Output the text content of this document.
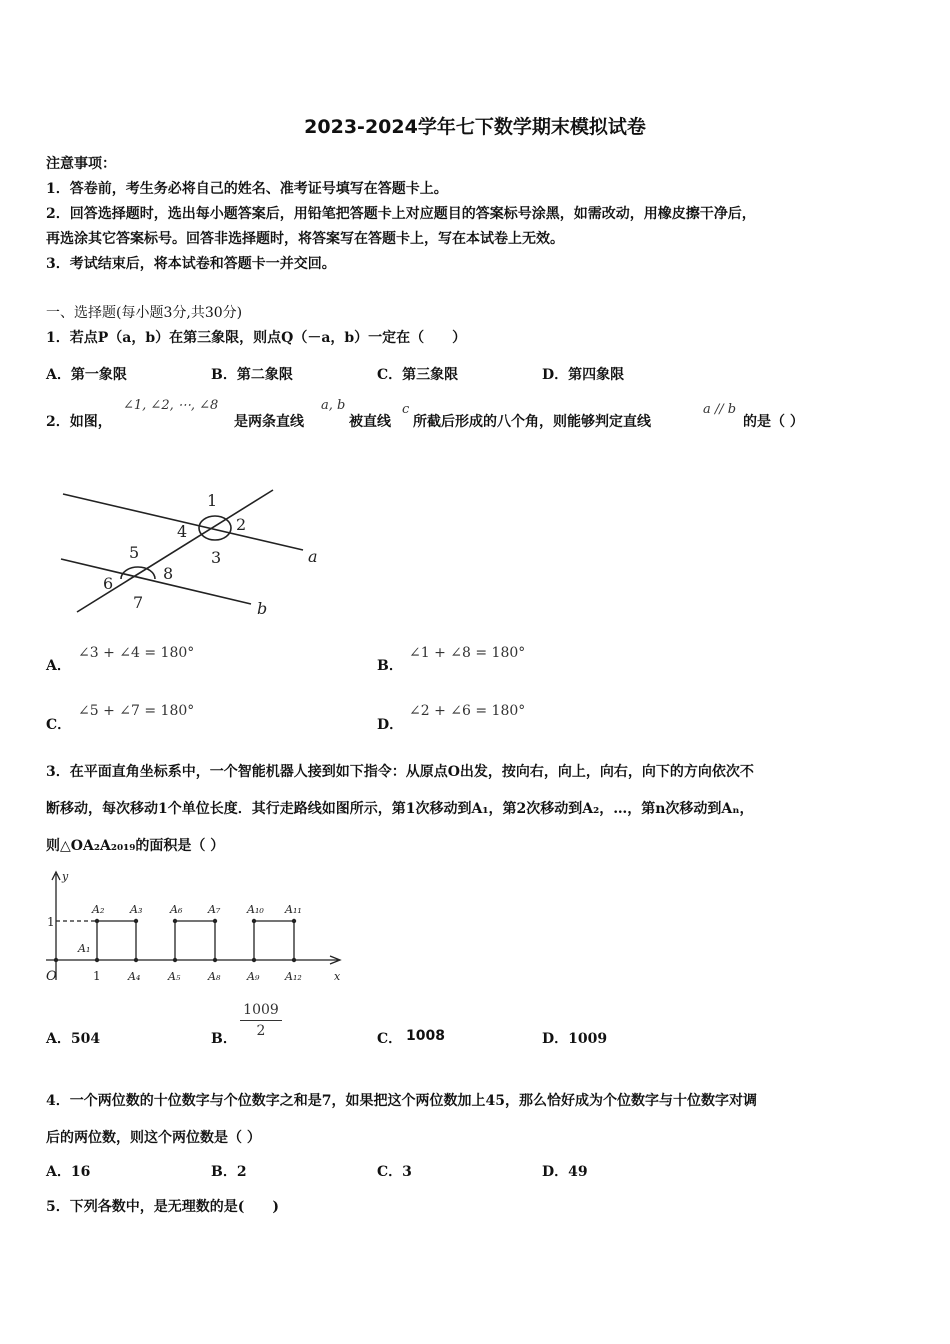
2023-2024学年七下数学期末模拟试卷
注意事项：
1．答卷前，考生务必将自己的姓名、准考证号填写在答题卡上。
2．回答选择题时，选出每小题答案后，用铅笔把答题卡上对应题目的答案标号涂黑，如需改动，用橡皮擦干净后，
再选涂其它答案标号。回答非选择题时，将答案写在答题卡上，写在本试卷上无效。
3．考试结束后，将本试卷和答题卡一并交回。
一、选择题(每小题3分,共30分)
1．若点P（a，b）在第三象限，则点Q（－a，b）一定在（　　）
A．第一象限	B．第二象限	C．第三象限	D．第四象限
2．如图，
∠1, ∠2, ⋯, ∠8
是两条直线
a, b
被直线
c
所截后形成的八个角，则能够判定直线
a // b
的是（ ）
1
2
3
4
5
6
7
8
a
b
A．
∠3 + ∠4 = 180°
B．
∠1 + ∠8 = 180°
C．
∠5 + ∠7 = 180°
D．
∠2 + ∠6 = 180°
3．在平面直角坐标系中，一个智能机器人接到如下指令：从原点O出发，按向右，向上，向右，向下的方向依次不
断移动，每次移动1个单位长度．其行走路线如图所示，第1次移动到A₁，第2次移动到A₂，…，第n次移动到Aₙ，
则△OA₂A₂₀₁₉的面积是（ ）
y
x
O
A₁
A₂ A₃
A₄	A₅
A₆ A₇
A₈ A₉
A₁₀ A₁₁
A₁₂
1
1
A．504	B．
1009
2	C． 1008	D．1009
4．一个两位数的十位数字与个位数字之和是7，如果把这个两位数加上45，那么恰好成为个位数字与十位数字对调
后的两位数，则这个两位数是（ ）
A．16	B．2	C．3	D．49
5．下列各数中，是无理数的是(　　)
